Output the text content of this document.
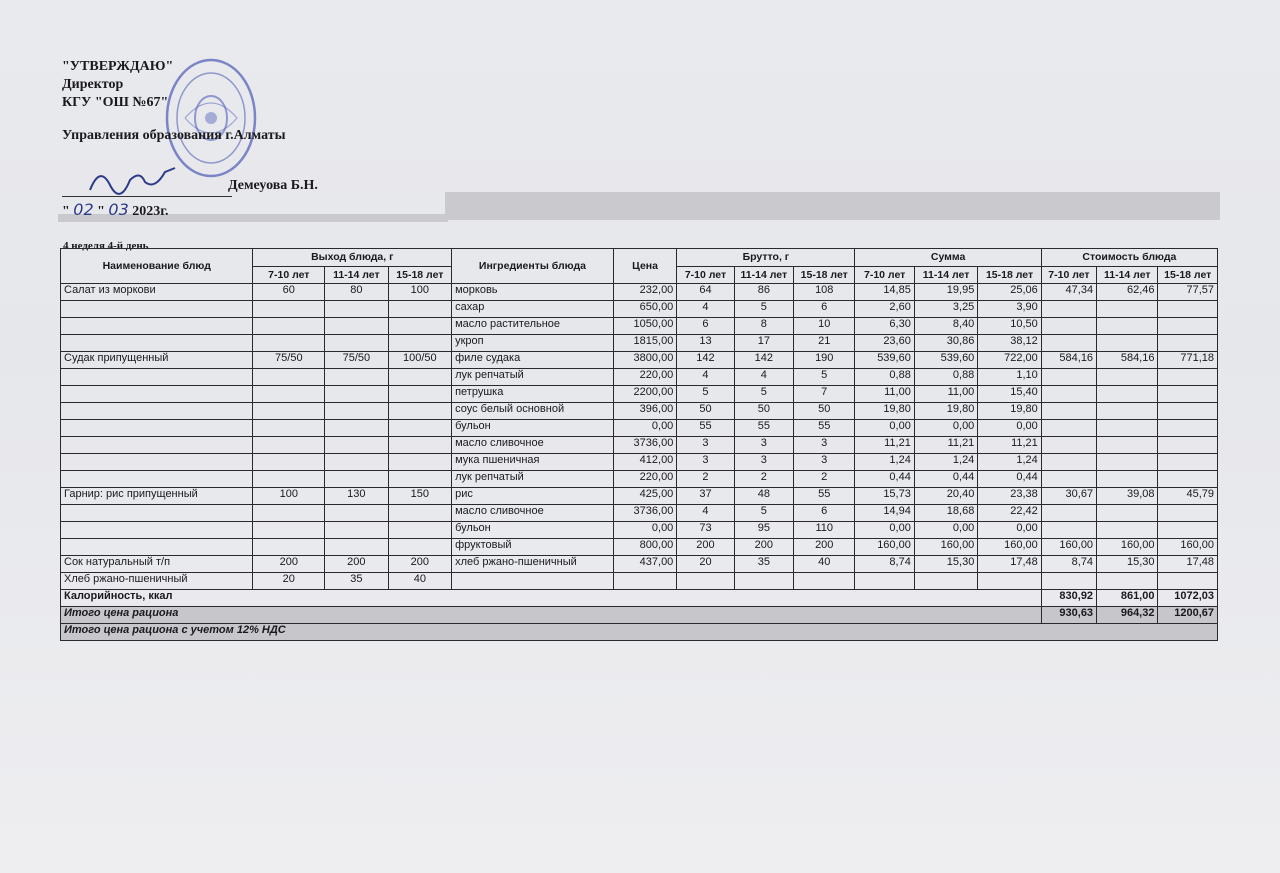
"УТВЕРЖДАЮ"
Директор
КГУ "ОШ №67"
Управления образования г.Алматы
Демеуова Б.Н.
" 02 " 03 2023г.
4 неделя 4-й день
Наименование блюд	Выход блюда, г			Ингредиенты блюда	Цена	Брутто, г			Сумма			Стоимость блюда		
	7-10 лет	11-14 лет	15-18 лет			7-10 лет	11-14 лет	15-18 лет	7-10 лет	11-14 лет	15-18 лет	7-10 лет	11-14 лет	15-18 лет
Салат из моркови	60	80	100	морковь	232,00	64	86	108	14,85	19,95	25,06	47,34	62,46	77,57
				сахар	650,00	4	5	6	2,60	3,25	3,90			
				масло растительное	1050,00	6	8	10	6,30	8,40	10,50			
				укроп	1815,00	13	17	21	23,60	30,86	38,12			
Судак припущенный	75/50	75/50	100/50	филе судака	3800,00	142	142	190	539,60	539,60	722,00	584,16	584,16	771,18
				лук репчатый	220,00	4	4	5	0,88	0,88	1,10			
				петрушка	2200,00	5	5	7	11,00	11,00	15,40			
				соус белый основной	396,00	50	50	50	19,80	19,80	19,80			
				бульон	0,00	55	55	55	0,00	0,00	0,00			
				масло сливочное	3736,00	3	3	3	11,21	11,21	11,21			
				мука пшеничная	412,00	3	3	3	1,24	1,24	1,24			
				лук репчатый	220,00	2	2	2	0,44	0,44	0,44			
Гарнир: рис припущенный	100	130	150	рис	425,00	37	48	55	15,73	20,40	23,38	30,67	39,08	45,79
				масло сливочное	3736,00	4	5	6	14,94	18,68	22,42			
				бульон	0,00	73	95	110	0,00	0,00	0,00			
				фруктовый	800,00	200	200	200	160,00	160,00	160,00	160,00	160,00	160,00
Сок натуральный т/п	200	200	200	хлеб ржано-пшеничный	437,00	20	35	40	8,74	15,30	17,48	8,74	15,30	17,48
Хлеб ржано-пшеничный	20	35	40											
Калорийность, ккал												830,92	861,00	1072,03
Итого цена рациона												930,63	964,32	1200,67
Итого цена рациона с учетом 12% НДС														
